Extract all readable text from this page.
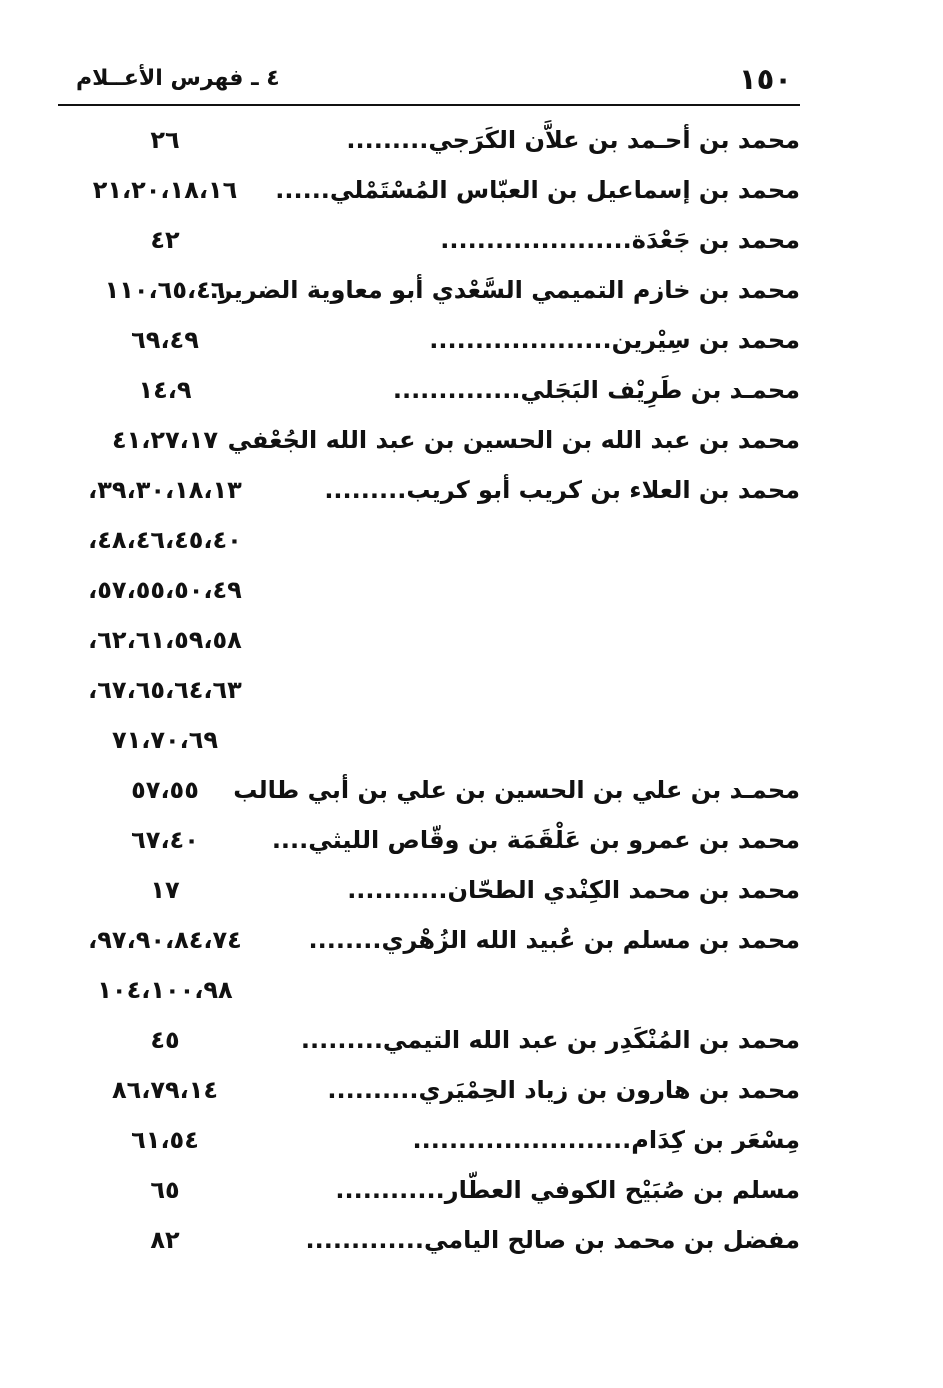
١٥٠
٤ ـ فهرس الأعــلام
محمد بن أحـمد بن علاَّن الكَرَجي.........
٢٦
محمد بن إسماعيل بن العبّاس المُسْتَمْلي......
٢١،٢٠،١٨،١٦
محمد بن جَعْدَة.....................
٤٢
محمد بن خازم التميمي السَّعْدي أبو معاوية الضرير.
١١٠،٦٥،٤٦
محمد بن سِيْرين....................
٦٩،٤٩
محمـد بن طَرِيْف البَجَلي..............
١٤،٩
محمد بن عبد الله بن الحسين بن عبد الله الجُعْفي
٤١،٢٧،١٧
محمد بن العلاء بن كريب أبو كريب.........
٣٩،٣٠،١٨،١٣،
٤٨،٤٦،٤٥،٤٠،
٥٧،٥٥،٥٠،٤٩،
٦٢،٦١،٥٩،٥٨،
٦٧،٦٥،٦٤،٦٣،
٧١،٧٠،٦٩
محمـد بن علي بن الحسين بن علي بن أبي طالب
٥٧،٥٥
محمد بن عمرو بن عَلْقَمَة بن وقّاص الليثي....
٦٧،٤٠
محمد بن محمد الكِنْدي الطحّان...........
١٧
محمد بن مسلم بن عُبيد الله الزُهْري........
٩٧،٩٠،٨٤،٧٤،
١٠٤،١٠٠،٩٨
محمد بن المُنْكَدِر بن عبد الله التيمي.........
٤٥
محمد بن هارون بن زياد الحِمْيَري..........
٨٦،٧٩،١٤
مِسْعَر بن كِدَام........................
٦١،٥٤
مسلم بن صُبَيْح الكوفي العطّار............
٦٥
مفضل بن محمد بن صالح اليامي.............
٨٢
